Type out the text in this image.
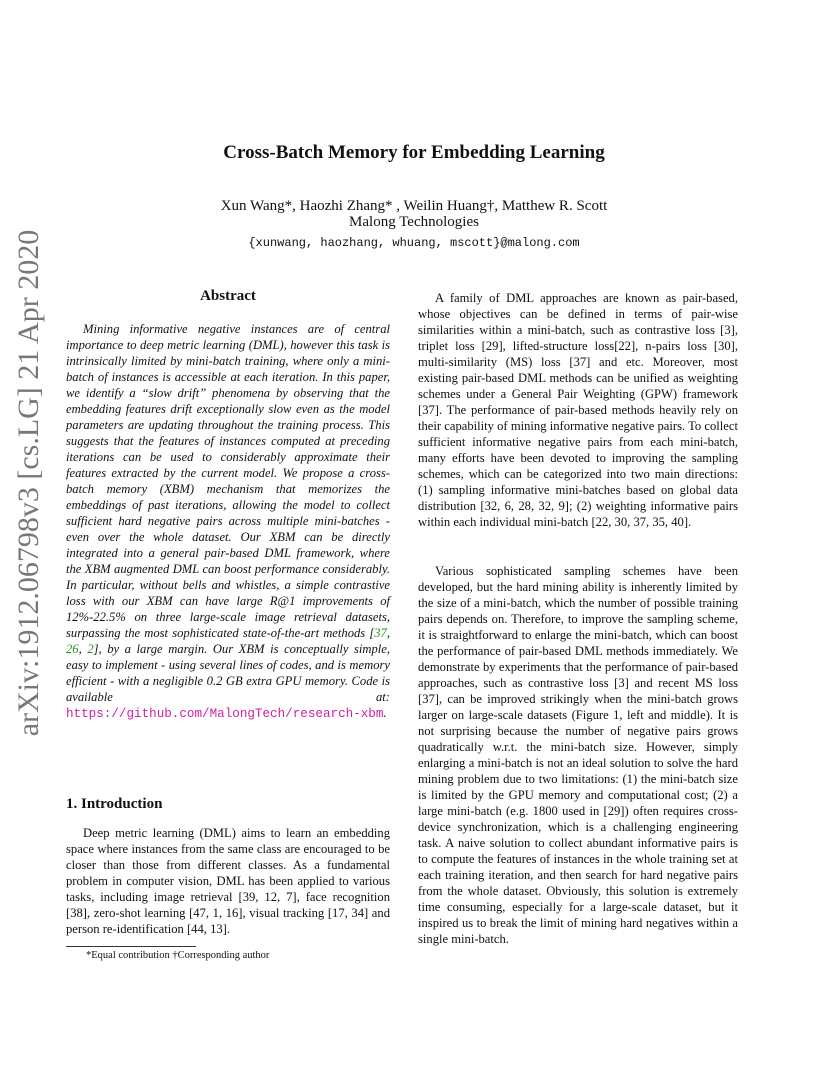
arXiv:1912.06798v3 [cs.LG] 21 Apr 2020
Cross-Batch Memory for Embedding Learning
Xun Wang*, Haozhi Zhang* , Weilin Huang†, Matthew R. Scott
Malong Technologies
{xunwang, haozhang, whuang, mscott}@malong.com
Abstract

Mining informative negative instances are of central importance to deep metric learning (DML), however this task is intrinsically limited by mini-batch training, where only a mini-batch of instances is accessible at each iteration. In this paper, we identify a “slow drift” phenomena by observing that the embedding features drift exceptionally slow even as the model parameters are updating throughout the training process. This suggests that the features of instances computed at preceding iterations can be used to considerably approximate their features extracted by the current model. We propose a cross-batch memory (XBM) mechanism that memorizes the embeddings of past iterations, allowing the model to collect sufficient hard negative pairs across multiple mini-batches - even over the whole dataset. Our XBM can be directly integrated into a general pair-based DML framework, where the XBM augmented DML can boost performance considerably. In particular, without bells and whistles, a simple contrastive loss with our XBM can have large R@1 improvements of 12%-22.5% on three large-scale image retrieval datasets, surpassing the most sophisticated state-of-the-art methods [37, 26, 2], by a large margin. Our XBM is conceptually simple, easy to implement - using several lines of codes, and is memory efficient - with a negligible 0.2 GB extra GPU memory. Code is available at: https://github.com/MalongTech/research-xbm.

1. Introduction

Deep metric learning (DML) aims to learn an embedding space where instances from the same class are encouraged to be closer than those from different classes. As a fundamental problem in computer vision, DML has been applied to various tasks, including image retrieval [39, 12, 7], face recognition [38], zero-shot learning [47, 1, 16], visual tracking [17, 34] and person re-identification [44, 13].

A family of DML approaches are known as pair-based, whose objectives can be defined in terms of pair-wise similarities within a mini-batch, such as contrastive loss [3], triplet loss [29], lifted-structure loss[22], n-pairs loss [30], multi-similarity (MS) loss [37] and etc. Moreover, most existing pair-based DML methods can be unified as weighting schemes under a General Pair Weighting (GPW) framework [37]. The performance of pair-based methods heavily rely on their capability of mining informative negative pairs. To collect sufficient informative negative pairs from each mini-batch, many efforts have been devoted to improving the sampling schemes, which can be categorized into two main directions: (1) sampling informative mini-batches based on global data distribution [32, 6, 28, 32, 9]; (2) weighting informative pairs within each individual mini-batch [22, 30, 37, 35, 40].

Various sophisticated sampling schemes have been developed, but the hard mining ability is inherently limited by the size of a mini-batch, which the number of possible training pairs depends on. Therefore, to improve the sampling scheme, it is straightforward to enlarge the mini-batch, which can boost the performance of pair-based DML methods immediately. We demonstrate by experiments that the performance of pair-based approaches, such as contrastive loss [3] and recent MS loss [37], can be improved strikingly when the mini-batch grows larger on large-scale datasets (Figure 1, left and middle). It is not surprising because the number of negative pairs grows quadratically w.r.t. the mini-batch size. However, simply enlarging a mini-batch is not an ideal solution to solve the hard mining problem due to two limitations: (1) the mini-batch size is limited by the GPU memory and computational cost; (2) a large mini-batch (e.g. 1800 used in [29]) often requires cross-device synchronization, which is a challenging engineering task. A naive solution to collect abundant informative pairs is to compute the features of instances in the whole training set at each training iteration, and then search for hard negative pairs from the whole dataset. Obviously, this solution is extremely time consuming, especially for a large-scale dataset, but it inspired us to break the limit of mining hard negatives within a single mini-batch.

*Equal contribution †Corresponding author
